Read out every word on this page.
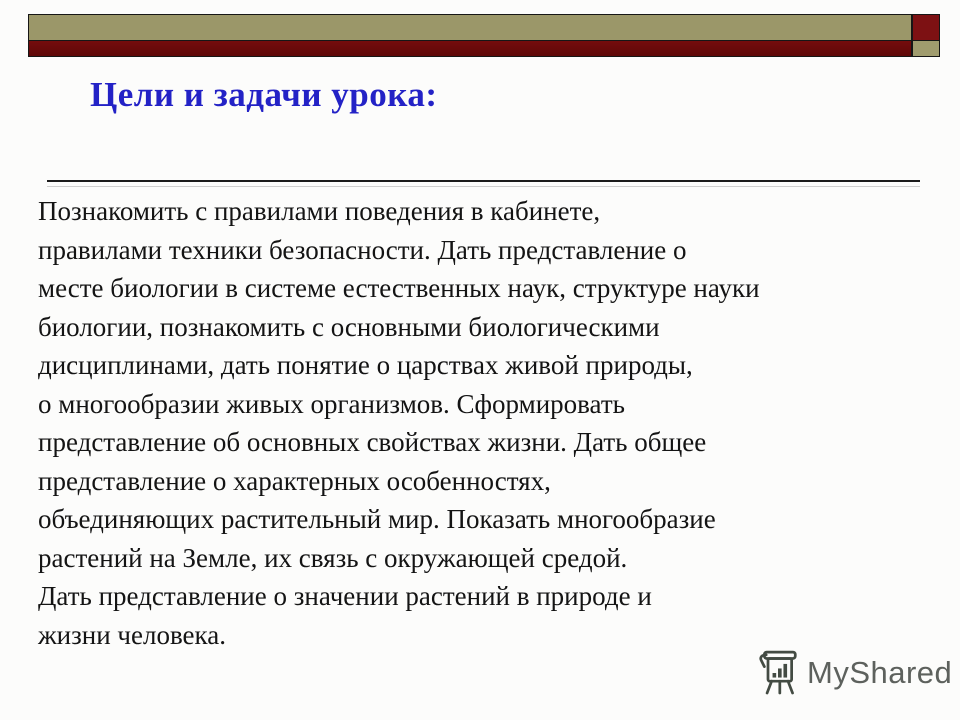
Цели и задачи урока:
Познакомить с правилами поведения в кабинете,
правилами техники безопасности. Дать представление о
месте биологии в системе естественных наук, структуре науки
биологии, познакомить с основными биологическими
дисциплинами, дать понятие о царствах живой природы,
о многообразии живых организмов. Сформировать
представление об основных свойствах жизни. Дать общее
представление о характерных особенностях,
объединяющих растительный мир. Показать многообразие
растений на Земле, их связь с окружающей средой.
Дать представление о значении растений в природе и
жизни человека.
MyShared
